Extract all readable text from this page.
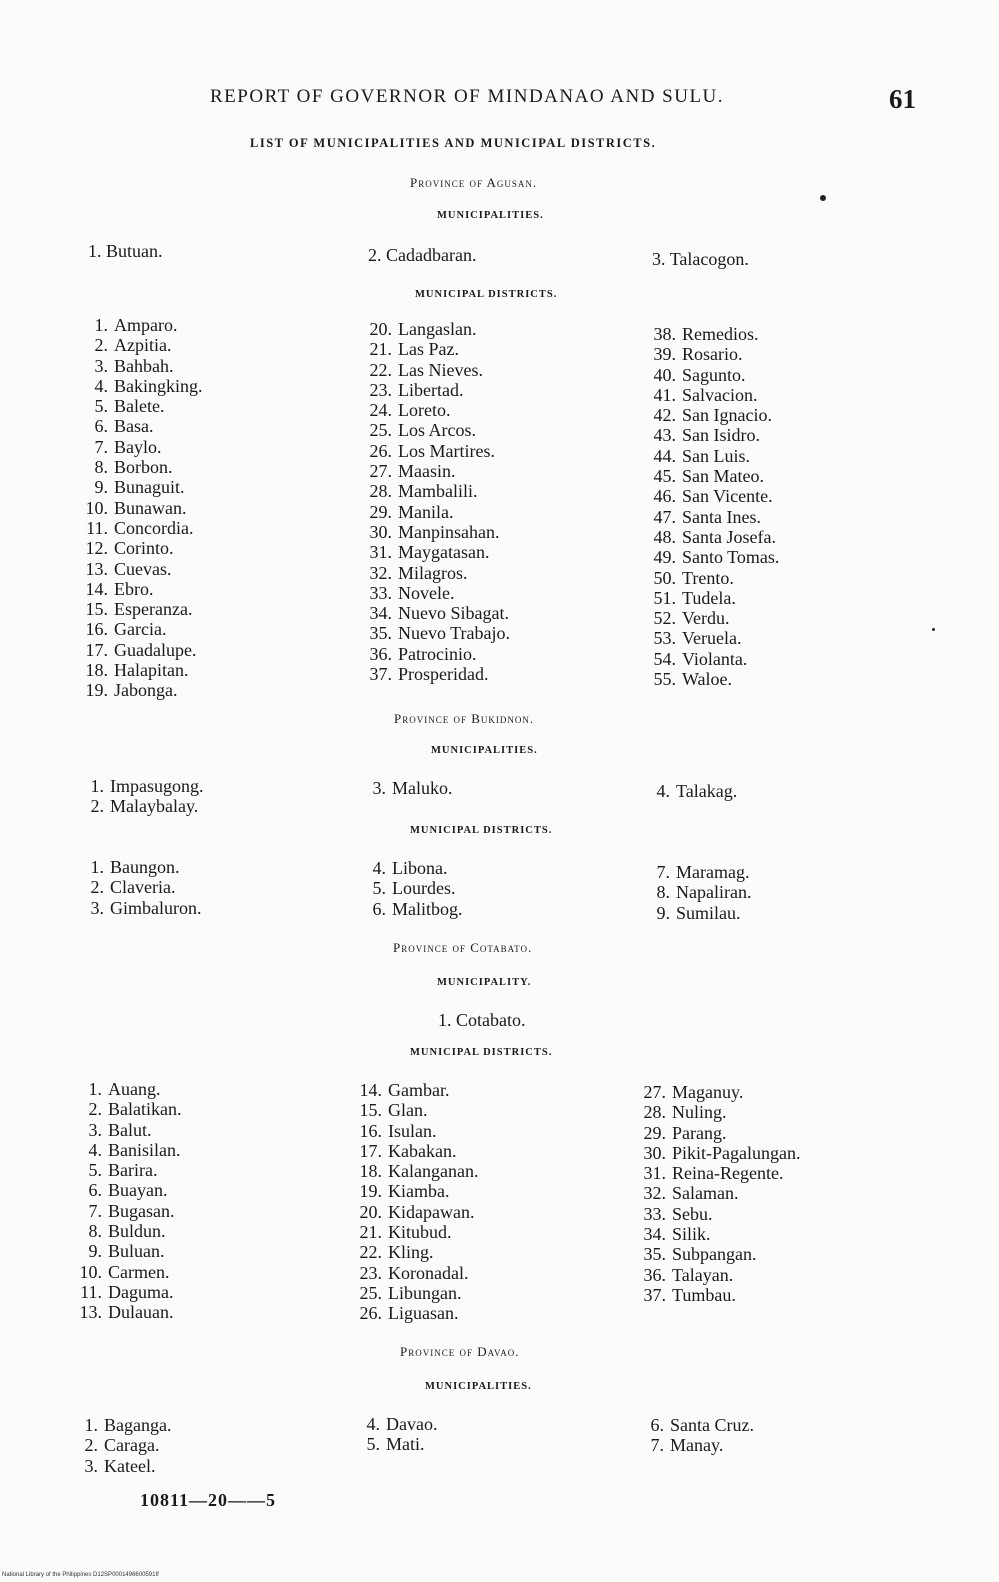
REPORT OF GOVERNOR OF MINDANAO AND SULU.	61
LIST OF MUNICIPALITIES AND MUNICIPAL DISTRICTS.
Province of Agusan.
MUNICIPALITIES.
1. Butuan.	2. Cadadbaran.	3. Talacogon.
MUNICIPAL DISTRICTS.
1. Amparo.
2. Azpitia.
3. Bahbah.
4. Bakingking.
5. Balete.
6. Basa.
7. Baylo.
8. Borbon.
9. Bunaguit.
10. Bunawan.
11. Concordia.
12. Corinto.
13. Cuevas.
14. Ebro.
15. Esperanza.
16. Garcia.
17. Guadalupe.
18. Halapitan.
19. Jabonga.
20. Langaslan.
21. Las Paz.
22. Las Nieves.
23. Libertad.
24. Loreto.
25. Los Arcos.
26. Los Martires.
27. Maasin.
28. Mambalili.
29. Manila.
30. Manpinsahan.
31. Maygatasan.
32. Milagros.
33. Novele.
34. Nuevo Sibagat.
35. Nuevo Trabajo.
36. Patrocinio.
37. Prosperidad.
38. Remedios.
39. Rosario.
40. Sagunto.
41. Salvacion.
42. San Ignacio.
43. San Isidro.
44. San Luis.
45. San Mateo.
46. San Vicente.
47. Santa Ines.
48. Santa Josefa.
49. Santo Tomas.
50. Trento.
51. Tudela.
52. Verdu.
53. Veruela.
54. Violanta.
55. Waloe.
Province of Bukidnon.
MUNICIPALITIES.
1. Impasugong.
2. Malaybalay.
3. Maluko.	4. Talakag.
MUNICIPAL DISTRICTS.
1. Baungon.
2. Claveria.
3. Gimbaluron.
4. Libona.
5. Lourdes.
6. Malitbog.
7. Maramag.
8. Napaliran.
9. Sumilau.
Province of Cotabato.
MUNICIPALITY.
1. Cotabato.
MUNICIPAL DISTRICTS.
1. Auang.
2. Balatikan.
3. Balut.
4. Banisilan.
5. Barira.
6. Buayan.
7. Bugasan.
8. Buldun.
9. Buluan.
10. Carmen.
11. Daguma.
13. Dulauan.
14. Gambar.
15. Glan.
16. Isulan.
17. Kabakan.
18. Kalanganan.
19. Kiamba.
20. Kidapawan.
21. Kitubud.
22. Kling.
23. Koronadal.
25. Libungan.
26. Liguasan.
27. Maganuy.
28. Nuling.
29. Parang.
30. Pikit-Pagalungan.
31. Reina-Regente.
32. Salaman.
33. Sebu.
34. Silik.
35. Subpangan.
36. Talayan.
37. Tumbau.
Province of Davao.
MUNICIPALITIES.
1. Baganga.
2. Caraga.
3. Kateel.
4. Davao.
5. Mati.
6. Santa Cruz.
7. Manay.
10811—20——5
National Library of the Philippines D12SP0001496600591If
